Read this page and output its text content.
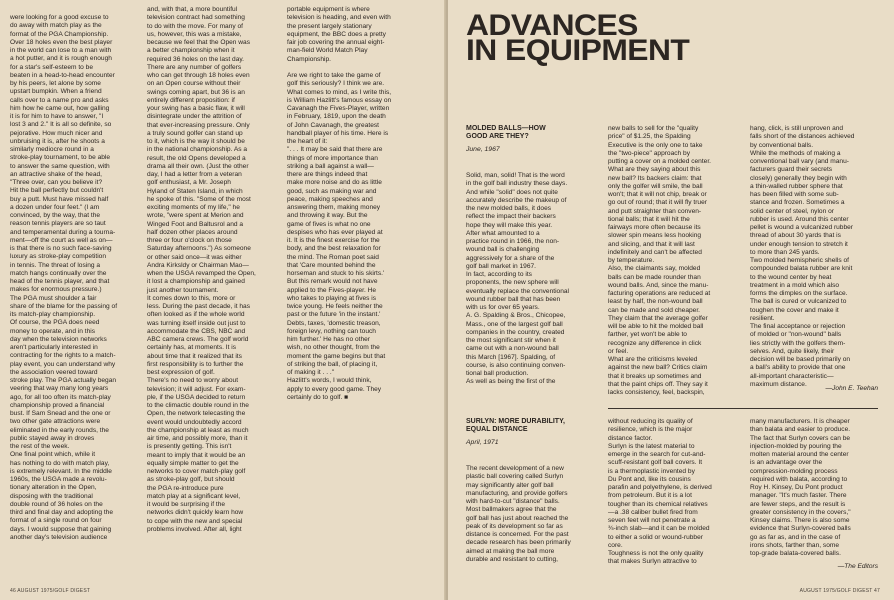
were looking for a good excuse to
do away with match play as the
format of the PGA Championship.
Over 18 holes even the best player
in the world can lose to a man with
a hot putter, and it is rough enough
for a star's self-esteem to be
beaten in a head-to-head encounter
by his peers, let alone by some
upstart bumpkin. When a friend
calls over to a name pro and asks
him how he came out, how galling
it is for him to have to answer, "I
lost 3 and 2." It is all so definite, so
pejorative. How much nicer and
unbruising it is, after he shoots a
similarly mediocre round in a
stroke-play tournament, to be able
to answer the same question, with
an attractive shake of the head,
"Three over, can you believe it?
Hit the ball perfectly but couldn't
buy a putt. Must have missed half
a dozen under four feet." (I am
convinced, by the way, that the
reason tennis players are so taut
and temperamental during a tourna-
ment—off the court as well as on—
is that there is no such face-saving
luxury as stroke-play competition
in tennis. The threat of losing a
match hangs continually over the
head of the tennis player, and that
makes for enormous pressure.)
The PGA must shoulder a fair
share of the blame for the passing of
its match-play championship.
Of course, the PGA does need
money to operate, and in this
day when the television networks
aren't particularly interested in
contracting for the rights to a match-
play event, you can understand why
the association veered toward
stroke play. The PGA actually began
veering that way many long years
ago, for all too often its match-play
championship proved a financial
bust. If Sam Snead and the one or
two other gate attractions were
eliminated in the early rounds, the
public stayed away in droves
the rest of the week.
One final point which, while it
has nothing to do with match play,
is extremely relevant. In the middle
1960s, the USGA made a revolu-
tionary alteration in the Open,
disposing with the traditional
double round of 36 holes on the
third and final day and adopting the
format of a single round on four
days. I would suppose that gaining
another day's television audience
and, with that, a more bountiful
television contract had something
to do with the move. For many of
us, however, this was a mistake,
because we feel that the Open was
a better championship when it
required 36 holes on the last day.
There are any number of golfers
who can get through 18 holes even
on an Open course without their
swings coming apart, but 36 is an
entirely different proposition: if
your swing has a basic flaw, it will
disintegrate under the attrition of
that ever-increasing pressure. Only
a truly sound golfer can stand up
to it, which is the way it should be
in the national championship. As a
result, the old Opens developed a
drama all their own. (Just the other
day, I had a letter from a veteran
golf enthusiast, a Mr. Joseph
Hyland of Staten Island, in which
he spoke of this. "Some of the most
exciting moments of my life," he
wrote, "were spent at Merion and
Winged Foot and Baltusrol and a
half dozen other places around
three or four o'clock on those
Saturday afternoons.") As someone
or other said once—it was either
Andra Kirksldy or Chairman Mao—
when the USGA revamped the Open,
it lost a championship and gained
just another tournament.
It comes down to this, more or
less. During the past decade, it has
often looked as if the whole world
was turning itself inside out just to
accommodate the CBS, NBC and
ABC camera crews. The golf world
certainly has, at moments. It is
about time that it realized that its
first responsibility is to further the
best expression of golf.
There's no need to worry about
television; it will adjust. For exam-
ple, if the USGA decided to return
to the climactic double round in the
Open, the network telecasting the
event would undoubtedly accord
the championship at least as much
air time, and possibly more, than it
is presently getting. This isn't
meant to imply that it would be an
equally simple matter to get the
networks to cover match-play golf
as stroke-play golf, but should
the PGA re-introduce pure
match play at a significant level,
it would be surprising if the
networks didn't quickly learn how
to cope with the new and special
problems involved. After all, light
portable equipment is where
television is heading, and even with
the present largely stationary
equipment, the BBC does a pretty
fair job covering the annual eight-
man-field World Match Play
Championship.

Are we right to take the game of
golf this seriously? I think we are.
What comes to mind, as I write this,
is William Hazlitt's famous essay on
Cavanagh the Fives-Player, written
in February, 1819, upon the death
of John Cavanagh, the greatest
handball player of his time. Here is
the heart of it:
". . . It may be said that there are
things of more importance than
striking a ball against a wall—
there are things indeed that
make more noise and do as little
good, such as making war and
peace, making speeches and
answering them, making money
and throwing it way. But the
game of fives is what no one
despises who has ever played at
it. It is the finest exercise for the
body, and the best relaxation for
the mind. The Roman poet said
that 'Care mounted behind the
horseman and stuck to his skirts.'
But this remark would not have
applied to the Fives-player. He
who takes to playing at fives is
twice young. He feels neither the
past or the future 'in the instant.'
Debts, taxes, 'domestic treason,
foreign levy, nothing can touch
him further.' He has no other
wish, no other thought, from the
moment the game begins but that
of striking the ball, of placing it,
of making it . . ."
Hazlitt's words, I would think,
apply to every good game. They
certainly do to golf. ■
46 AUGUST 1975/GOLF DIGEST
ADVANCES
IN EQUIPMENT
MOLDED BALLS—HOW
GOOD ARE THEY?
June, 1967
Solid, man, solid! That is the word
in the golf ball industry these days.
And while "solid" does not quite
accurately describe the makeup of
the new molded balls, it does
reflect the impact their backers
hope they will make this year.
After what amounted to a
practice round in 1966, the non-
wound ball is challenging
aggressively for a share of the
golf ball market in 1967.
In fact, according to its
proponents, the new sphere will
eventually replace the conventional
wound rubber ball that has been
with us for over 65 years.
A. G. Spalding & Bros., Chicopee,
Mass., one of the largest golf ball
companies in the country, created
the most significant stir when it
came out with a non-wound ball
this March [1967]. Spalding, of
course, is also continuing conven-
tional ball production.
As well as being the first of the
new balls to sell for the "quality
price" of $1.25, the Spalding
Executive is the only one to take
the "two-piece" approach by
putting a cover on a molded center.
What are they saying about this
new ball? Its backers claim: that
only the golfer will smile, the ball
won't; that it will not chip, break or
go out of round; that it will fly truer
and putt straighter than conven-
tional balls; that it will hit the
fairways more often because its
slower spin means less hooking
and slicing, and that it will last
indefinitely and can't be affected
by temperature.
Also, the claimants say, molded
balls can be made rounder than
wound balls. And, since the manu-
facturing operations are reduced at
least by half, the non-wound ball
can be made and sold cheaper.
They claim that the average golfer
will be able to hit the molded ball
farther, yet won't be able to
recognize any difference in click
or feel.
What are the criticisms leveled
against the new ball? Critics claim
that it breaks up sometimes and
that the paint chips off. They say it
lacks consistency, feel, backspin,
hang, click, is still unproven and
falls short of the distances achieved
by conventional balls.
While the methods of making a
conventional ball vary (and manu-
facturers guard their secrets
closely) generally they begin with
a thin-walled rubber sphere that
has been filled with some sub-
stance and frozen. Sometimes a
solid center of steel, nylon or
rubber is used. Around this center
pellet is wound a vulcanized rubber
thread of about 30 yards that is
under enough tension to stretch it
to more than 245 yards.
Two molded hemispheric shells of
compounded balata rubber are knit
to the wound center by heat
treatment in a mold which also
forms the dimples on the surface.
The ball is cured or vulcanized to
toughen the cover and make it
resilient.
The final acceptance or rejection
of molded or "non-wound" balls
lies strictly with the golfers them-
selves. And, quite likely, their
decision will be based primarily on
a ball's ability to provide that one
all-important characteristic—
maximum distance.
—John E. Teehan
SURLYN: MORE DURABILITY,
EQUAL DISTANCE
April, 1971
The recent development of a new
plastic ball covering called Surlyn
may significantly alter golf ball
manufacturing, and provide golfers
with hard-to-cut "distance" balls.
Most ballmakers agree that the
golf ball has just about reached the
peak of its development so far as
distance is concerned. For the past
decade research has been primarily
aimed at making the ball more
durable and resistant to cutting,
without reducing its quality of
resilience, which is the major
distance factor.
Surlyn is the latest material to
emerge in the search for cut-and-
scuff-resistant golf ball covers. It
is a thermoplastic invented by
Du Pont and, like its cousins
parafin and polyethylene, is derived
from petroleum. But it is a lot
tougher than its chemical relatives
—a .38 caliber bullet fired from
seven feet will not penetrate a
¾-inch slab—and it can be molded
to either a solid or wound-rubber
core.
Toughness is not the only quality
that makes Surlyn attractive to
many manufacturers. It is cheaper
than balata and easier to produce.
The fact that Surlyn covers can be
injection-molded by pouring the
molten material around the center
is an advantage over the
compression-molding process
required with balata, according to
Roy H. Kinsey, Du Pont product
manager. "It's much faster. There
are fewer steps, and the result is
greater consistency in the covers,"
Kinsey claims. There is also some
evidence that Surlyn-covered balls
go as far as, and in the case of
irons shots, farther than, some
top-grade balata-covered balls.
—The Editors
AUGUST 1975/GOLF DIGEST 47
